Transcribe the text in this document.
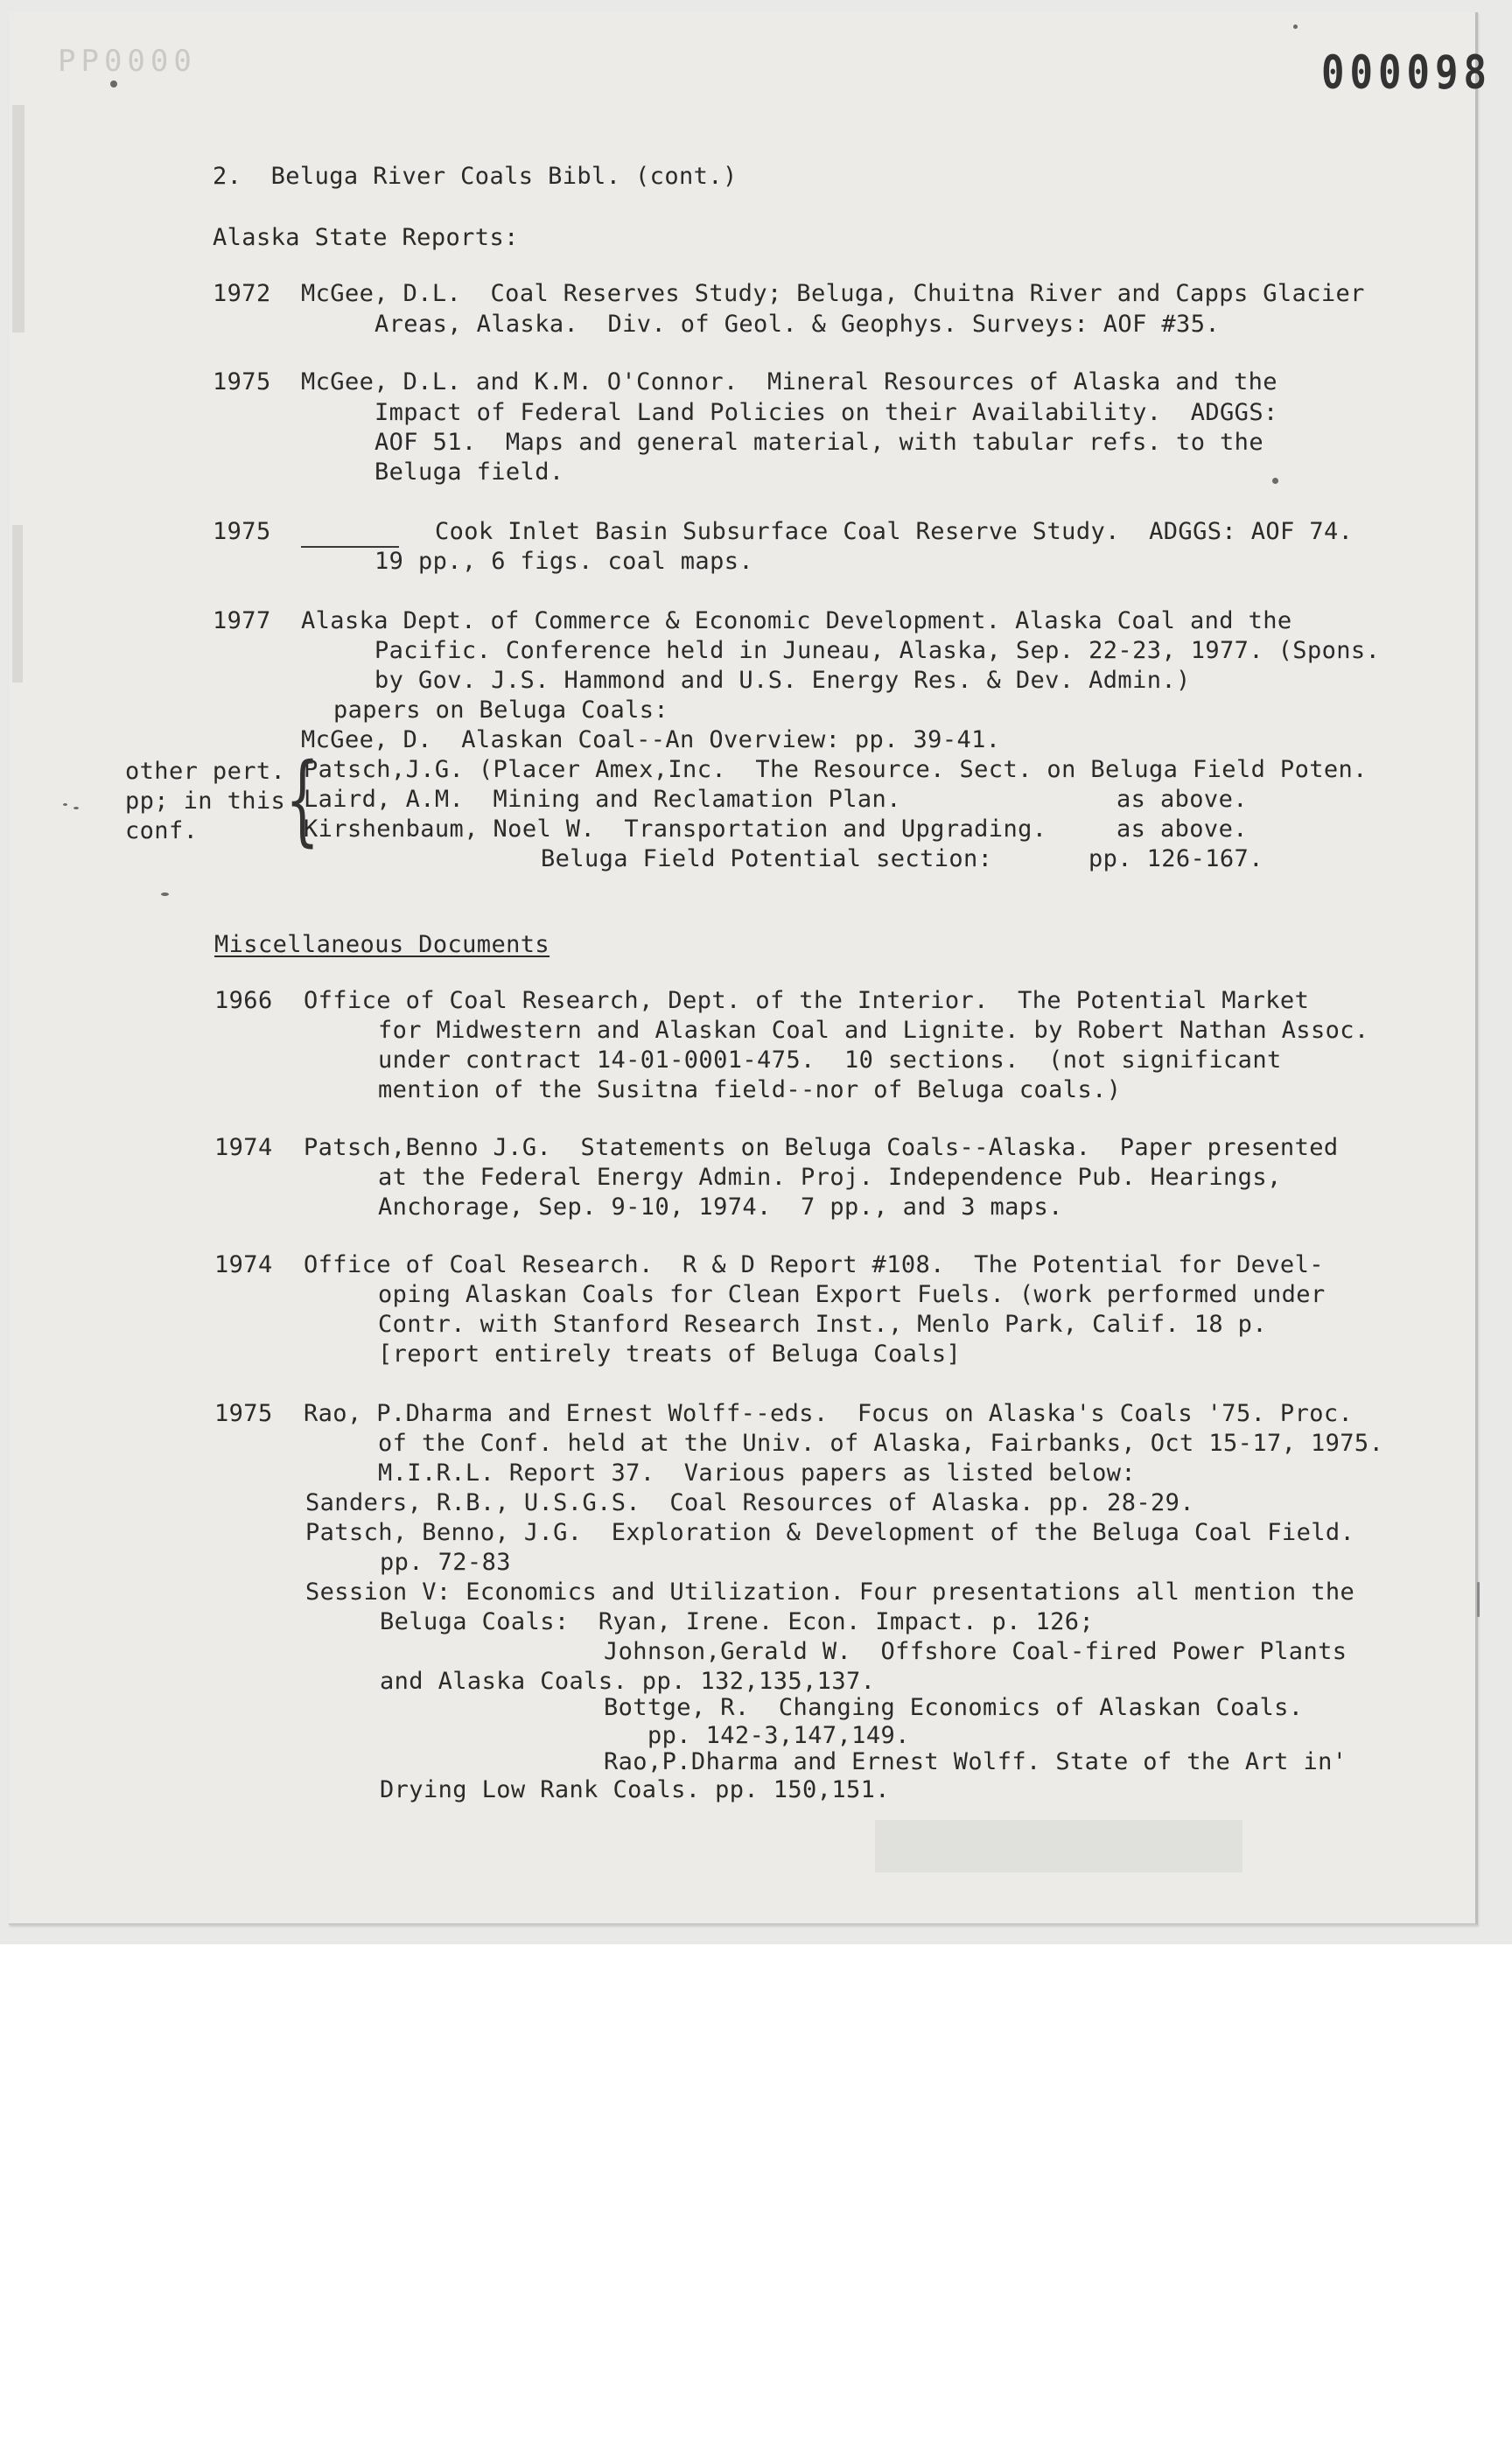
PP0000	000098
2.  Beluga River Coals Bibl. (cont.)
Alaska State Reports:
1972 McGee, D.L.  Coal Reserves Study; Beluga, Chuitna River and Capps Glacier
Areas, Alaska.  Div. of Geol. & Geophys. Surveys: AOF #35.
1975 McGee, D.L. and K.M. O'Connor.  Mineral Resources of Alaska and the
Impact of Federal Land Policies on their Availability.  ADGGS:
AOF 51.  Maps and general material, with tabular refs. to the
Beluga field.
1975	Cook Inlet Basin Subsurface Coal Reserve Study.  ADGGS: AOF 74.
19 pp., 6 figs. coal maps.
1977 Alaska Dept. of Commerce & Economic Development. Alaska Coal and the
Pacific. Conference held in Juneau, Alaska, Sep. 22-23, 1977. (Spons.
by Gov. J.S. Hammond and U.S. Energy Res. & Dev. Admin.)
papers on Beluga Coals:
McGee, D.  Alaskan Coal--An Overview: pp. 39-41.
Patsch,J.G. (Placer Amex,Inc.  The Resource. Sect. on Beluga Field Poten.
Laird, A.M.  Mining and Reclamation Plan.
Kirshenbaum, Noel W.  Transportation and Upgrading.
Beluga Field Potential section:
as above.
as above.
pp. 126-167.
other pert.
pp; in this
conf. {
Miscellaneous Documents
1966 Office of Coal Research, Dept. of the Interior.  The Potential Market
for Midwestern and Alaskan Coal and Lignite. by Robert Nathan Assoc.
under contract 14-01-0001-475.  10 sections.  (not significant
mention of the Susitna field--nor of Beluga coals.)
1974 Patsch,Benno J.G.  Statements on Beluga Coals--Alaska.  Paper presented
at the Federal Energy Admin. Proj. Independence Pub. Hearings,
Anchorage, Sep. 9-10, 1974.  7 pp., and 3 maps.
1974 Office of Coal Research.  R & D Report #108.  The Potential for Devel-
oping Alaskan Coals for Clean Export Fuels. (work performed under
Contr. with Stanford Research Inst., Menlo Park, Calif. 18 p.
[report entirely treats of Beluga Coals]
1975 Rao, P.Dharma and Ernest Wolff--eds.  Focus on Alaska's Coals '75. Proc.
of the Conf. held at the Univ. of Alaska, Fairbanks, Oct 15-17, 1975.
M.I.R.L. Report 37.  Various papers as listed below:
Sanders, R.B., U.S.G.S.  Coal Resources of Alaska. pp. 28-29.
Patsch, Benno, J.G.  Exploration & Development of the Beluga Coal Field.
pp. 72-83
Session V: Economics and Utilization. Four presentations all mention the
Beluga Coals:  Ryan, Irene. Econ. Impact. p. 126;
Johnson,Gerald W.  Offshore Coal-fired Power Plants
and Alaska Coals. pp. 132,135,137.
Bottge, R.  Changing Economics of Alaskan Coals.
pp. 142-3,147,149.
Rao,P.Dharma and Ernest Wolff. State of the Art in'
Drying Low Rank Coals. pp. 150,151.
